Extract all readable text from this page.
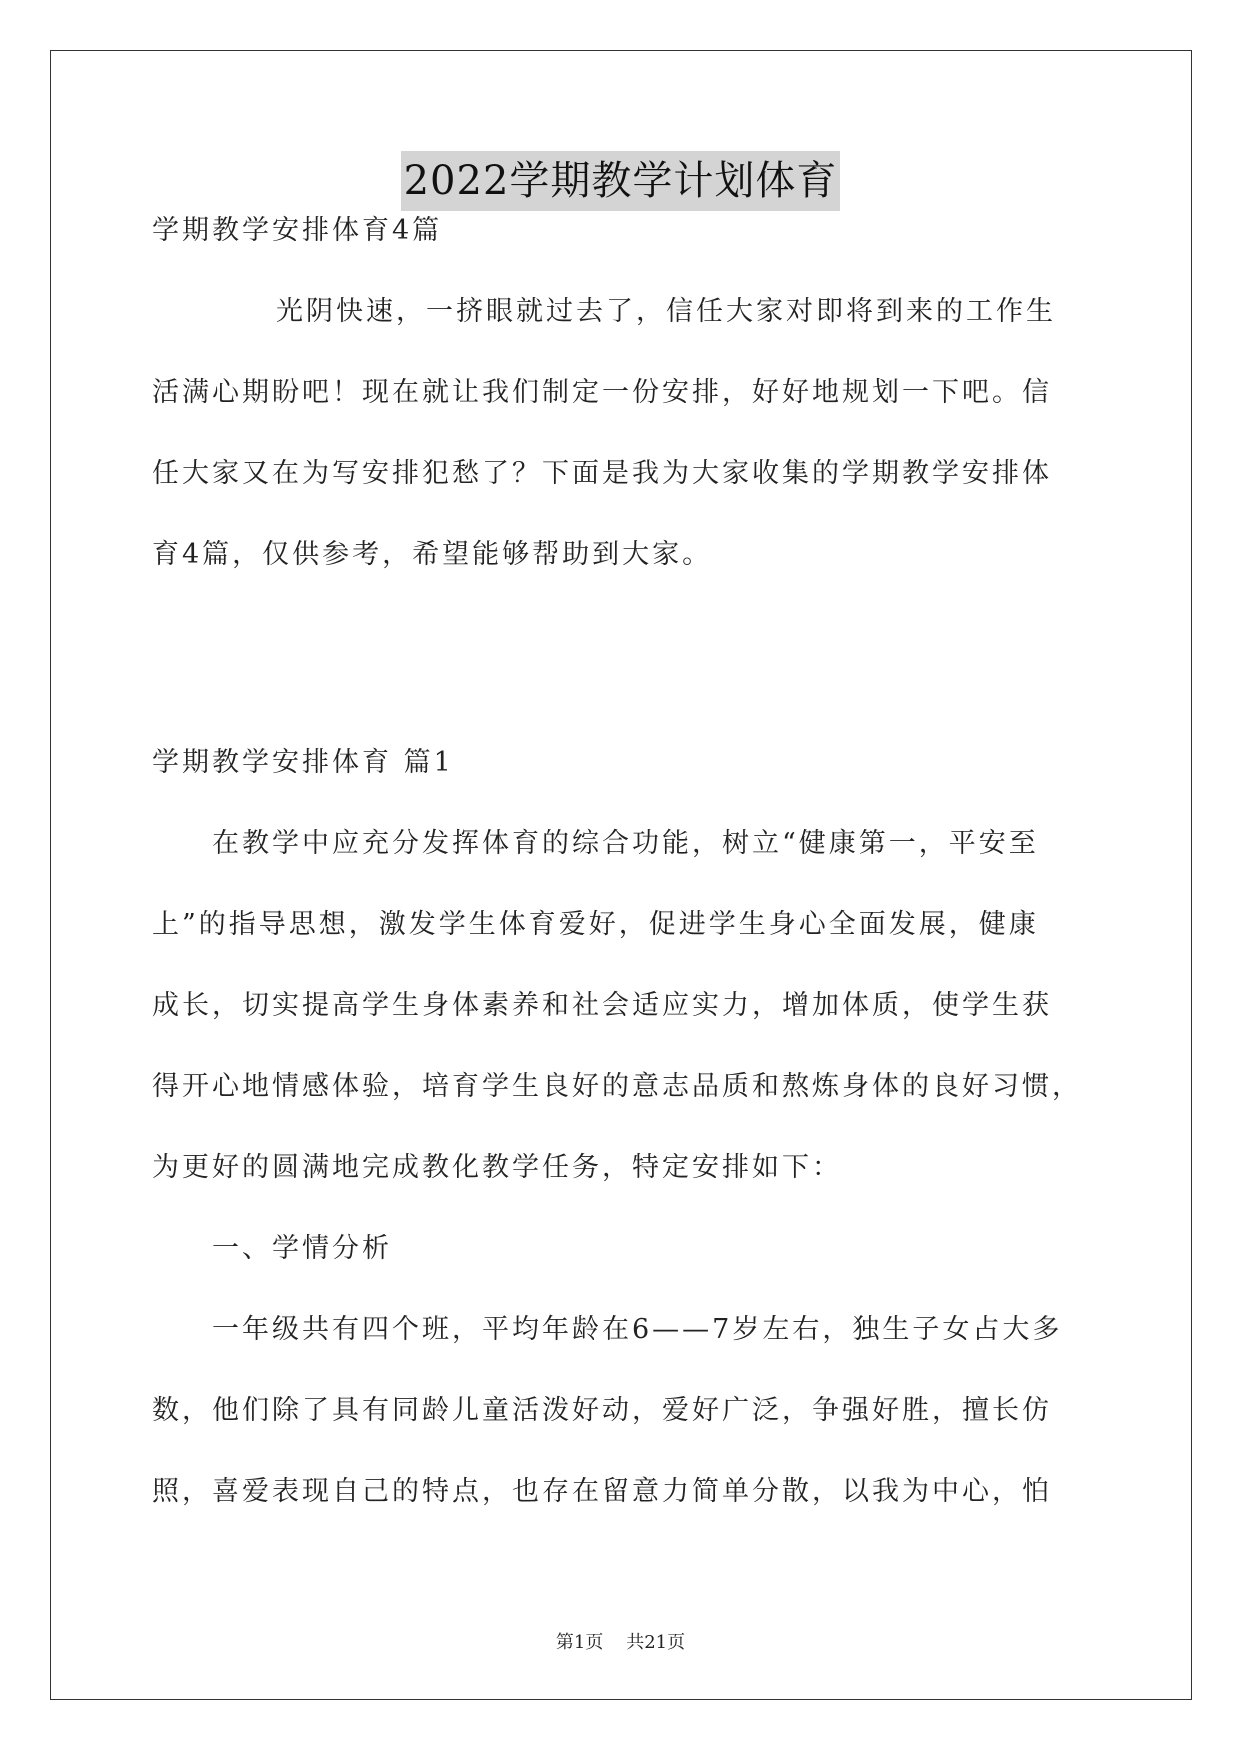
2022学期教学计划体育
学期教学安排体育4篇
光阴快速，一挤眼就过去了，信任大家对即将到来的工作生
活满心期盼吧！现在就让我们制定一份安排，好好地规划一下吧。信
任大家又在为写安排犯愁了？下面是我为大家收集的学期教学安排体
育4篇，仅供参考，希望能够帮助到大家。
学期教学安排体育 篇1
在教学中应充分发挥体育的综合功能，树立“健康第一，平安至
上”的指导思想，激发学生体育爱好，促进学生身心全面发展，健康
成长，切实提高学生身体素养和社会适应实力，增加体质，使学生获
得开心地情感体验，培育学生良好的意志品质和熬炼身体的良好习惯，
为更好的圆满地完成教化教学任务，特定安排如下：
一、学情分析
一年级共有四个班，平均年龄在6——7岁左右，独生子女占大多
数，他们除了具有同龄儿童活泼好动，爱好广泛，争强好胜，擅长仿
照，喜爱表现自己的特点，也存在留意力简单分散，以我为中心，怕
第1页    共21页
